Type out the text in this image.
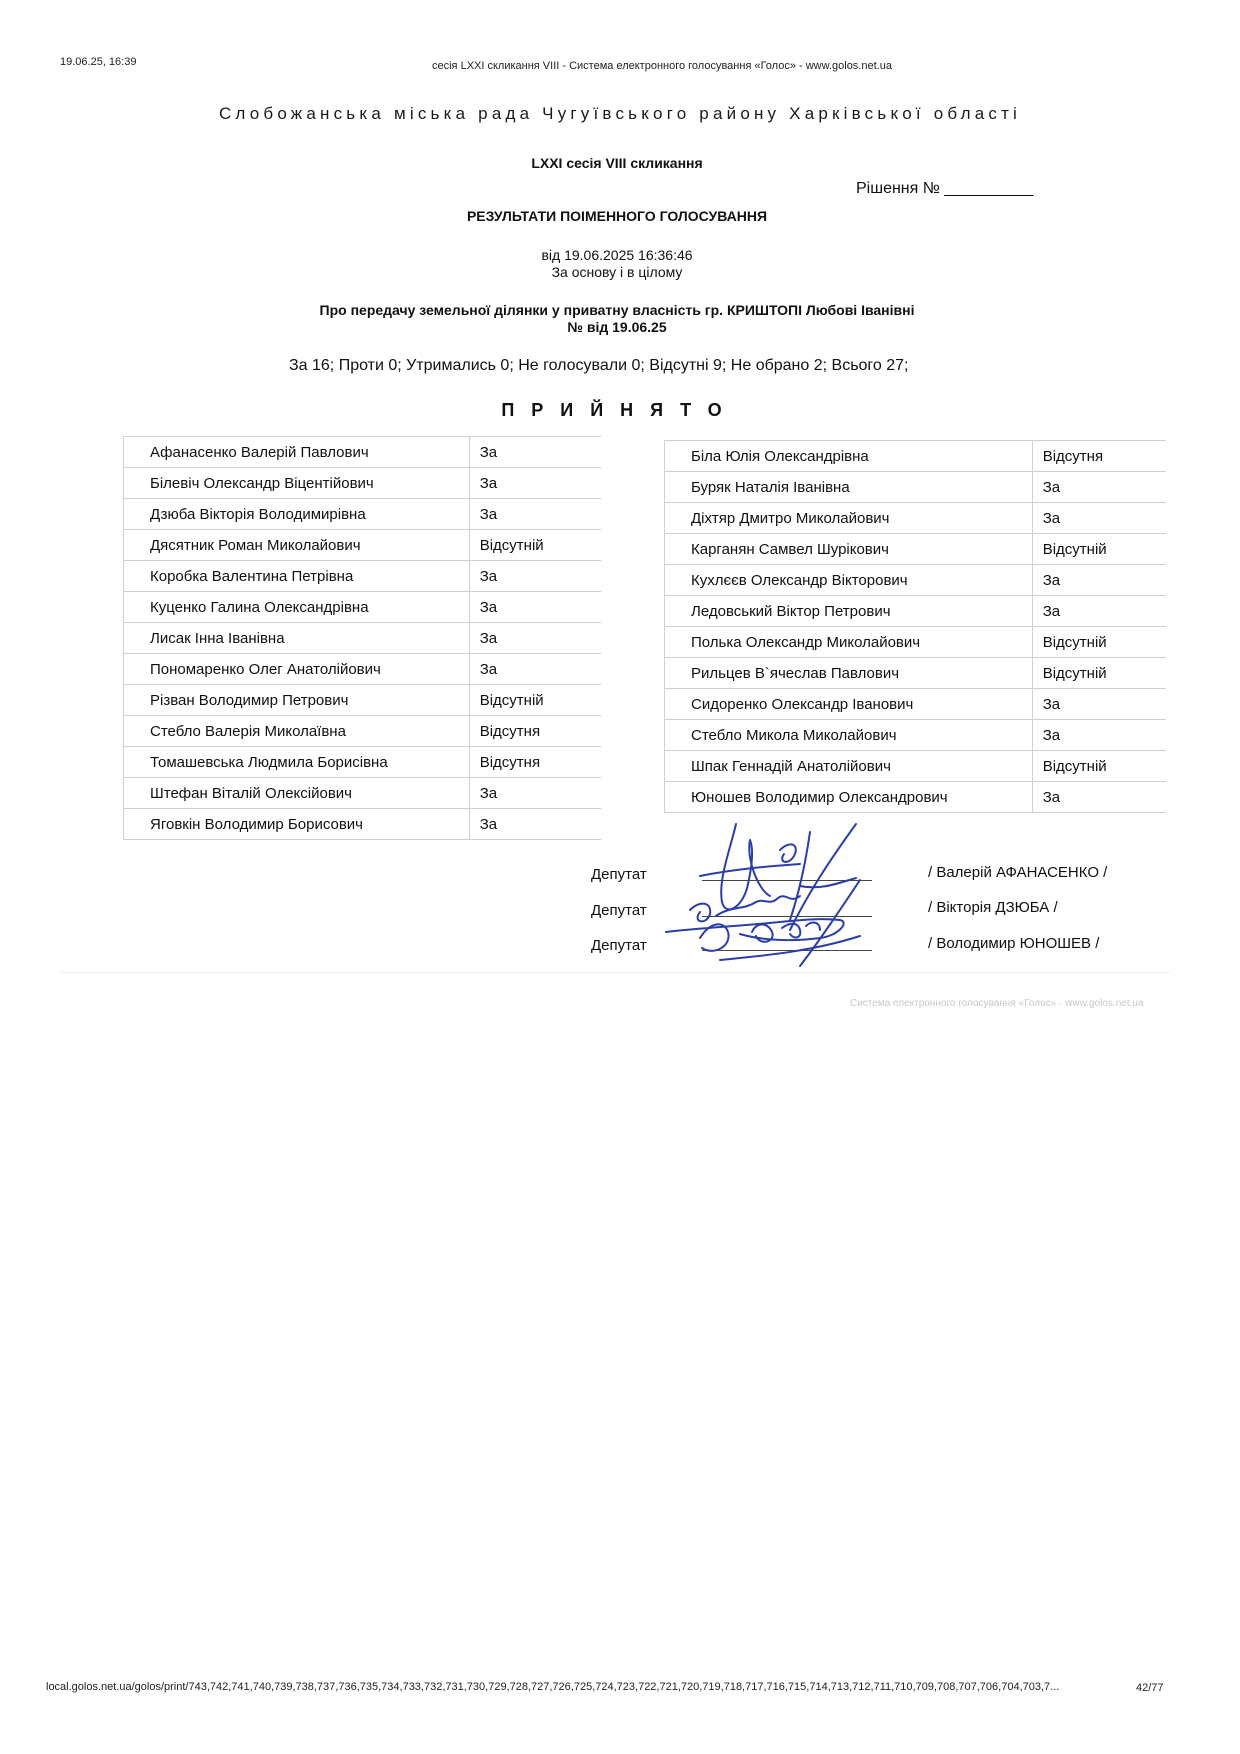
19.06.25, 16:39	сесія LXXI скликання VIII - Система електронного голосування «Голос» - www.golos.net.ua
Слобожанська міська рада Чугуївського району Харківської області
LXXI сесія VIII скликання
Рішення № __________
РЕЗУЛЬТАТИ ПОІМЕННОГО ГОЛОСУВАННЯ
від 19.06.2025 16:36:46
За основу і в цілому
Про передачу земельної ділянки у приватну власність гр. КРИШТОПІ Любові Іванівні
№ від 19.06.25
За 16; Проти 0; Утримались 0; Не голосували 0; Відсутні 9; Не обрано 2; Всього 27;
ПРИЙНЯТО
Афанасенко Валерій Павлович	За
Білевіч Олександр Віцентійович	За
Дзюба Вікторія Володимирівна	За
Дясятник Роман Миколайович	Відсутній
Коробка Валентина Петрівна	За
Куценко Галина Олександрівна	За
Лисак Інна Іванівна	За
Пономаренко Олег Анатолійович	За
Різван Володимир Петрович	Відсутній
Стебло Валерія Миколаївна	Відсутня
Томашевська Людмила Борисівна	Відсутня
Штефан Віталій Олексійович	За
Яговкін Володимир Борисович	За
Біла Юлія Олександрівна	Відсутня
Буряк Наталія Іванівна	За
Діхтяр Дмитро Миколайович	За
Карганян Самвел Шурікович	Відсутній
Кухлєєв Олександр Вікторович	За
Ледовський Віктор Петрович	За
Полька Олександр Миколайович	Відсутній
Рильцев В`ячеслав Павлович	Відсутній
Сидоренко Олександр Іванович	За
Стебло Микола Миколайович	За
Шпак Геннадій Анатолійович	Відсутній
Юношев Володимир Олександрович	За
Депутат	/ Валерій АФАНАСЕНКО /
Депутат	/ Вікторія ДЗЮБА /
Депутат	/ Володимир ЮНОШЕВ /
Система електронного голосування «Голос» · www.golos.net.ua
local.golos.net.ua/golos/print/743,742,741,740,739,738,737,736,735,734,733,732,731,730,729,728,727,726,725,724,723,722,721,720,719,718,717,716,715,714,713,712,711,710,709,708,707,706,704,703,7...	42/77
